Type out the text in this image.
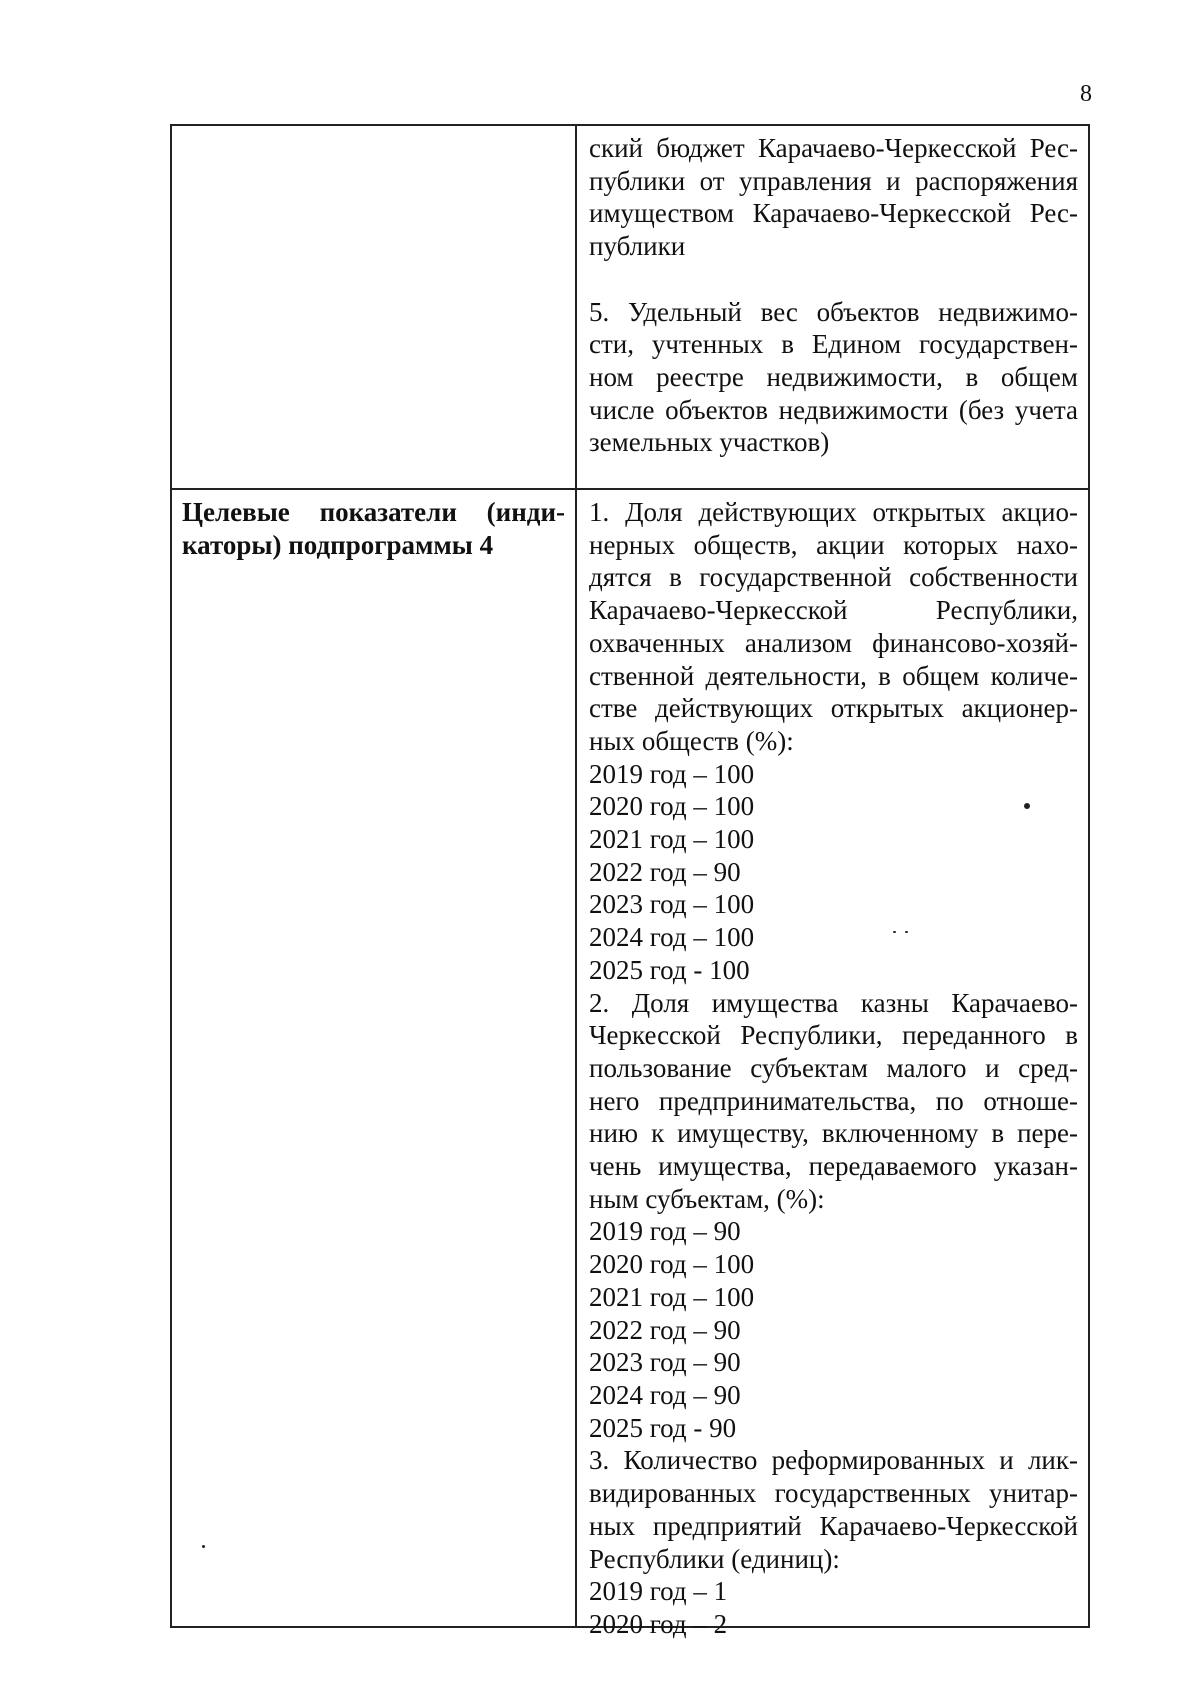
8
ский бюджет Карачаево-Черкесской Рес-
публики от управления и распоряжения
имуществом Карачаево-Черкесской Рес-
публики
5. Удельный вес объектов недвижимо-
сти, учтенных в Едином государствен-
ном реестре недвижимости, в общем
числе объектов недвижимости (без учета
земельных участков)
Целевые показатели (инди-
каторы) подпрограммы 4
1. Доля действующих открытых акцио-
нерных обществ, акции которых нахо-
дятся в государственной собственности
Карачаево-Черкесской Республики,
охваченных анализом финансово-хозяй-
ственной деятельности, в общем количе-
стве действующих открытых акционер-
ных обществ (%):
2019 год – 100
2020 год – 100
2021 год – 100
2022 год – 90
2023 год – 100
2024 год – 100
2025 год - 100
2. Доля имущества казны Карачаево-
Черкесской Республики, переданного в
пользование субъектам малого и сред-
него предпринимательства, по отноше-
нию к имуществу, включенному в пере-
чень имущества, передаваемого указан-
ным субъектам, (%):
2019 год – 90
2020 год – 100
2021 год – 100
2022 год – 90
2023 год – 90
2024 год – 90
2025 год - 90
3. Количество реформированных и лик-
видированных государственных унитар-
ных предприятий Карачаево-Черкесской
Республики (единиц):
2019 год – 1
2020 год – 2
